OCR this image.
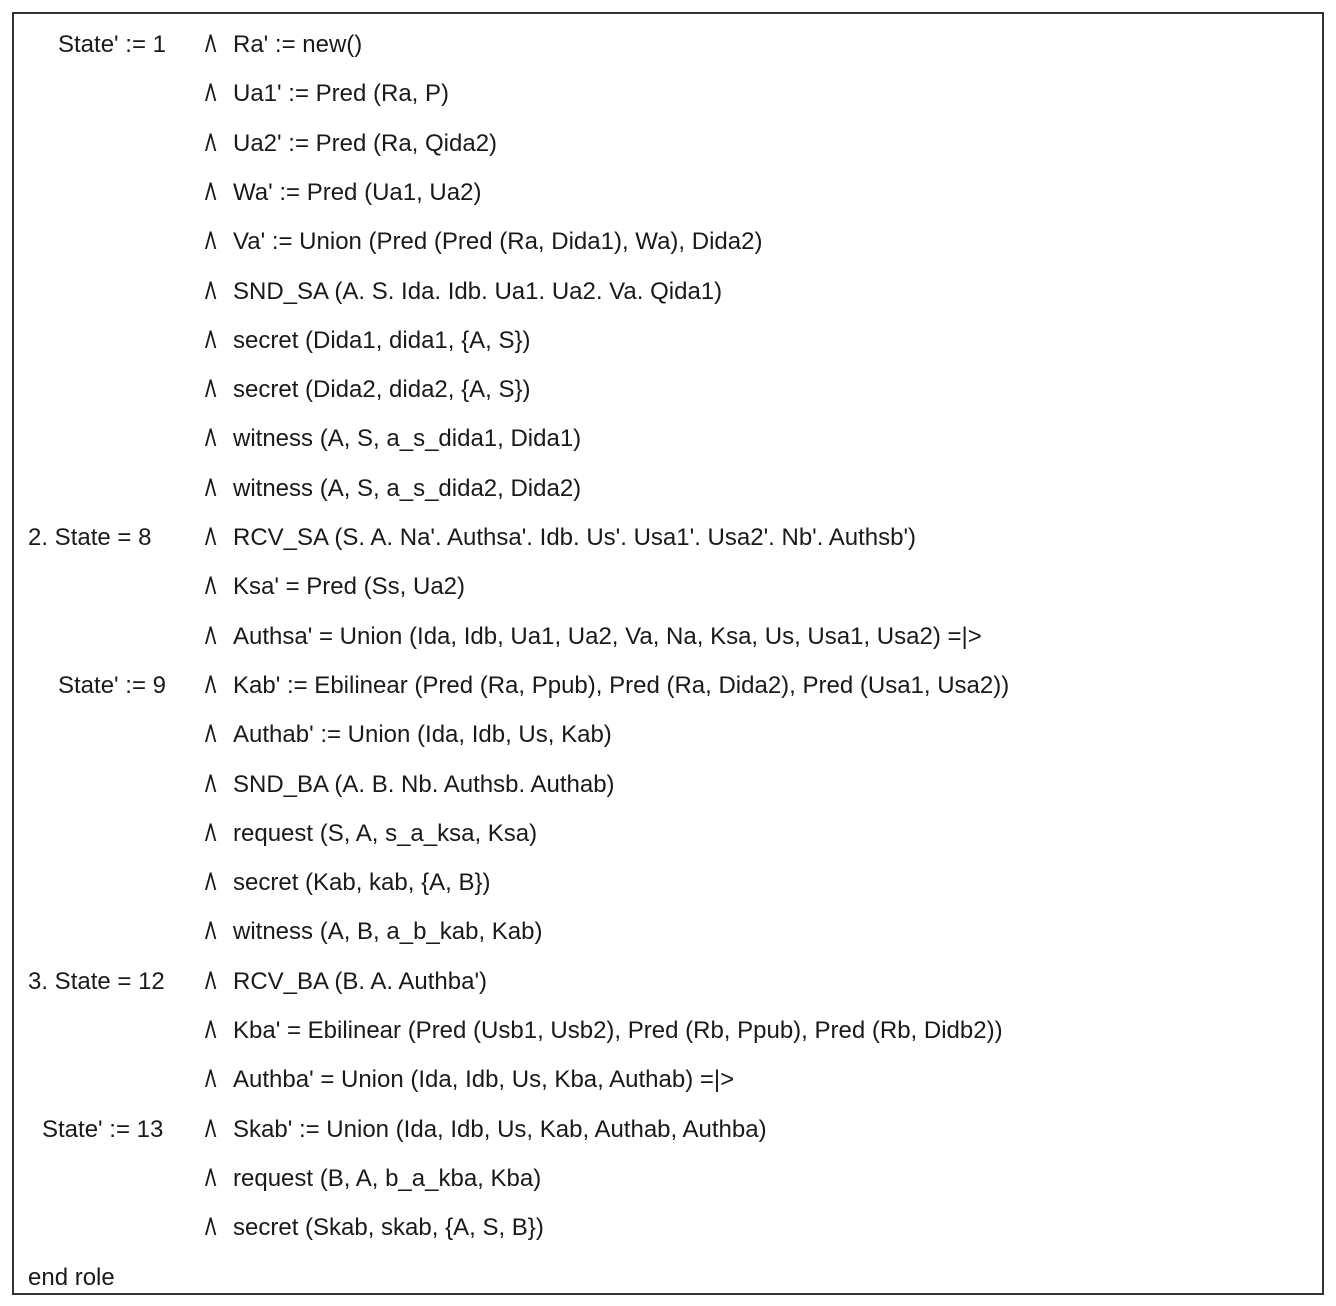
State' := 1 /\ Ra' := new()
/\ Ua1' := Pred (Ra, P)
/\ Ua2' := Pred (Ra, Qida2)
/\ Wa' := Pred (Ua1, Ua2)
/\ Va' := Union (Pred (Pred (Ra, Dida1), Wa), Dida2)
/\ SND_SA (A. S. Ida. Idb. Ua1. Ua2. Va. Qida1)
/\ secret (Dida1, dida1, {A, S})
/\ secret (Dida2, dida2, {A, S})
/\ witness (A, S, a_s_dida1, Dida1)
/\ witness (A, S, a_s_dida2, Dida2)
2. State = 8 /\ RCV_SA (S. A. Na'. Authsa'. Idb. Us'. Usa1'. Usa2'. Nb'. Authsb')
/\ Ksa' = Pred (Ss, Ua2)
/\ Authsa' = Union (Ida, Idb, Ua1, Ua2, Va, Na, Ksa, Us, Usa1, Usa2) =|>
State' := 9 /\ Kab' := Ebilinear (Pred (Ra, Ppub), Pred (Ra, Dida2), Pred (Usa1, Usa2))
/\ Authab' := Union (Ida, Idb, Us, Kab)
/\ SND_BA (A. B. Nb. Authsb. Authab)
/\ request (S, A, s_a_ksa, Ksa)
/\ secret (Kab, kab, {A, B})
/\ witness (A, B, a_b_kab, Kab)
3. State = 12 /\ RCV_BA (B. A. Authba')
/\ Kba' = Ebilinear (Pred (Usb1, Usb2), Pred (Rb, Ppub), Pred (Rb, Didb2))
/\ Authba' = Union (Ida, Idb, Us, Kba, Authab) =|>
State' := 13 /\ Skab' := Union (Ida, Idb, Us, Kab, Authab, Authba)
/\ request (B, A, b_a_kba, Kba)
/\ secret (Skab, skab, {A, S, B})
end role
